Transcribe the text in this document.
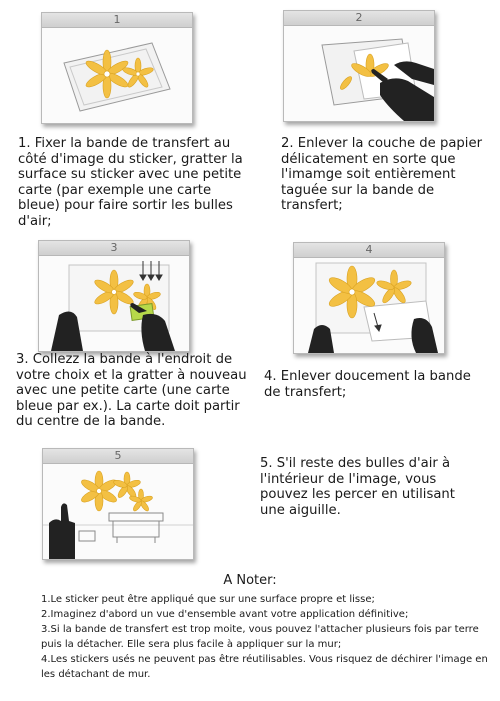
1	2
1. Fixer la bande de transfert au côté d'image du sticker, gratter la surface su sticker avec une petite carte (par exemple une carte bleue) pour faire sortir les bulles d'air;
2. Enlever la couche de papier délicatement en sorte que l'imamge soit entièrement taguée sur la bande de transfert;
3	4
3. Collezz la bande à l'endroit de votre choix et la gratter à nouveau avec une petite carte (une carte bleue par ex.). La carte doit partir du centre de la bande.
4. Enlever doucement la bande de transfert;
5
5. S'il reste des bulles d'air à l'intérieur de l'image, vous pouvez les percer en utilisant une aiguille.
A Noter:
1.Le sticker peut être appliqué que sur une surface propre et lisse;
2.Imaginez d'abord un vue d'ensemble avant votre application définitive;
3.Si la bande de transfert est trop moite, vous pouvez l'attacher plusieurs fois par terre puis la détacher. Elle sera plus facile à appliquer sur la mur;
4.Les stickers usés ne peuvent pas être réutilisables. Vous risquez de déchirer l'image en les détachant de mur.
